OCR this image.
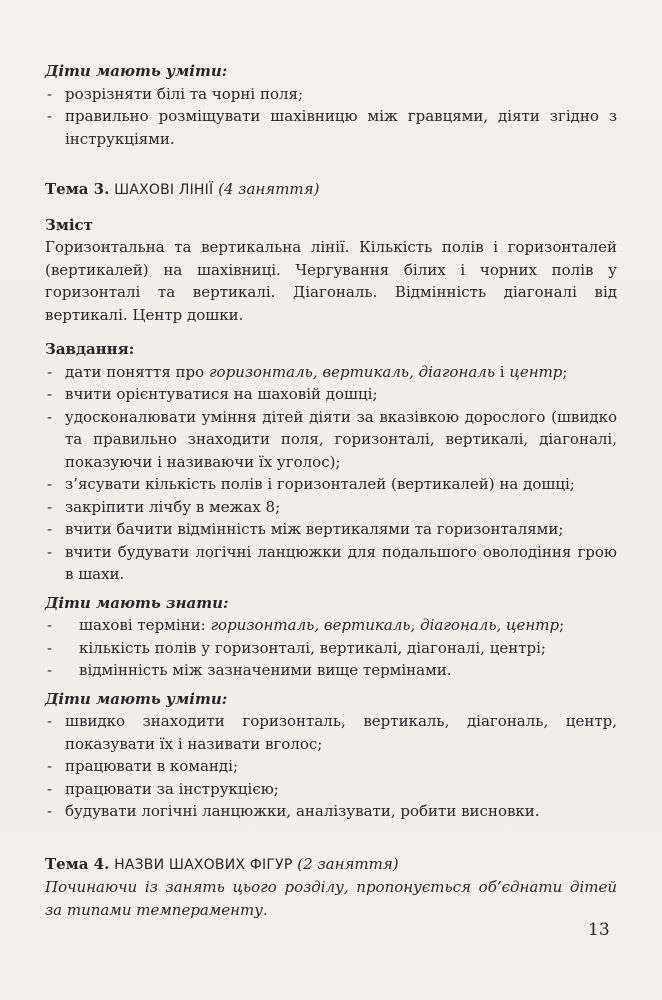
Діти мають уміти:
- розрізняти білі та чорні поля;
- правильно розміщувати шахівницю між гравцями, діяти згідно з інструкціями.
Тема 3. ШАХОВІ ЛІНІЇ (4 заняття)
Зміст

Горизонтальна та вертикальна лінії. Кількість полів і горизонталей (вертикалей) на шахівниці. Чергування білих і чорних полів у горизонталі та вертикалі. Діагональ. Відмінність діагоналі від вертикалі. Центр дошки.

Завдання:
- дати поняття про горизонталь, вертикаль, діагональ і центр;
- вчити орієнтуватися на шаховій дошці;
- удосконалювати уміння дітей діяти за вказівкою дорослого (швидко та правильно знаходити поля, горизонталі, вертикалі, діагоналі, показуючи і називаючи їх уголос);
- з’ясувати кількість полів і горизонталей (вертикалей) на дошці;
- закріпити лічбу в межах 8;
- вчити бачити відмінність між вертикалями та горизонталями;
- вчити будувати логічні ланцюжки для подальшого оволодіння грою в шахи.
Діти мають знати:
- шахові терміни: горизонталь, вертикаль, діагональ, центр;
- кількість полів у горизонталі, вертикалі, діагоналі, центрі;
- відмінність між зазначеними вище термінами.
Діти мають уміти:
- швидко знаходити горизонталь, вертикаль, діагональ, центр, показувати їх і називати вголос;
- працювати в команді;
- працювати за інструкцією;
- будувати логічні ланцюжки, аналізувати, робити висновки.
Тема 4. НАЗВИ ШАХОВИХ ФІГУР (2 заняття)

Починаючи із занять цього розділу, пропонується об’єднати дітей за типами темпераменту.

13
